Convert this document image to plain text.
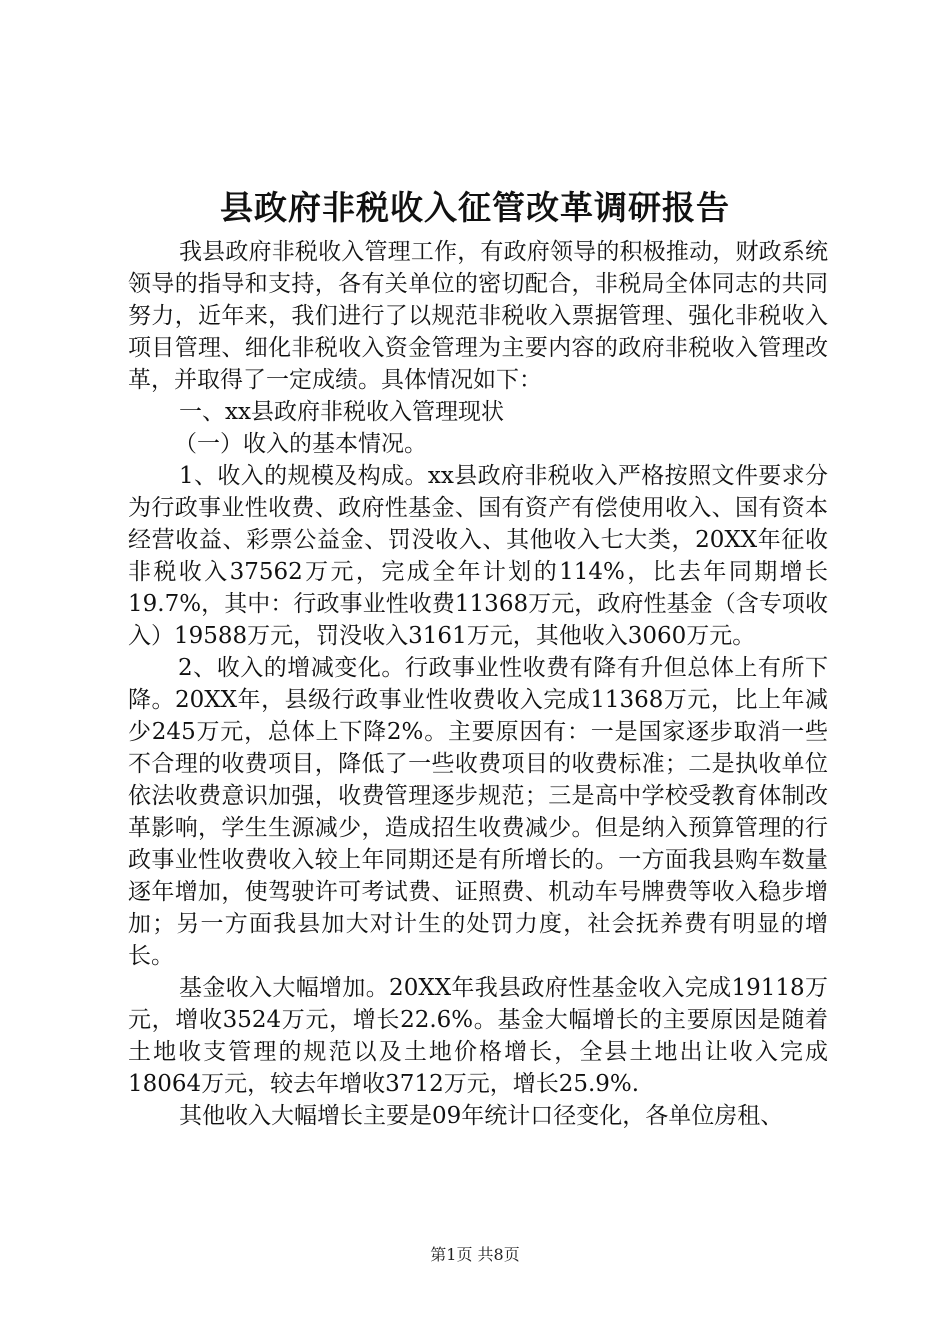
县政府非税收入征管改革调研报告

我县政府非税收入管理工作，有政府领导的积极推动，财政系统领导的指导和支持，各有关单位的密切配合，非税局全体同志的共同努力，近年来，我们进行了以规范非税收入票据管理、强化非税收入项目管理、细化非税收入资金管理为主要内容的政府非税收入管理改革，并取得了一定成绩。具体情况如下：

一、xx县政府非税收入管理现状

（一）收入的基本情况。

1、收入的规模及构成。xx县政府非税收入严格按照文件要求分为行政事业性收费、政府性基金、国有资产有偿使用收入、国有资本经营收益、彩票公益金、罚没收入、其他收入七大类，20XX年征收非税收入37562万元，完成全年计划的114%，比去年同期增长19.7%，其中：行政事业性收费11368万元，政府性基金（含专项收入）19588万元，罚没收入3161万元，其他收入3060万元。

2、收入的增减变化。行政事业性收费有降有升但总体上有所下降。20XX年，县级行政事业性收费收入完成11368万元，比上年减少245万元，总体上下降2%。主要原因有：一是国家逐步取消一些不合理的收费项目，降低了一些收费项目的收费标准；二是执收单位依法收费意识加强，收费管理逐步规范；三是高中学校受教育体制改革影响，学生生源减少，造成招生收费减少。但是纳入预算管理的行政事业性收费收入较上年同期还是有所增长的。一方面我县购车数量逐年增加，使驾驶许可考试费、证照费、机动车号牌费等收入稳步增加；另一方面我县加大对计生的处罚力度，社会抚养费有明显的增长。

基金收入大幅增加。20XX年我县政府性基金收入完成19118万元，增收3524万元，增长22.6%。基金大幅增长的主要原因是随着土地收支管理的规范以及土地价格增长，全县土地出让收入完成18064万元，较去年增收3712万元，增长25.9%.

其他收入大幅增长主要是09年统计口径变化，各单位房租、

第1页 共8页
